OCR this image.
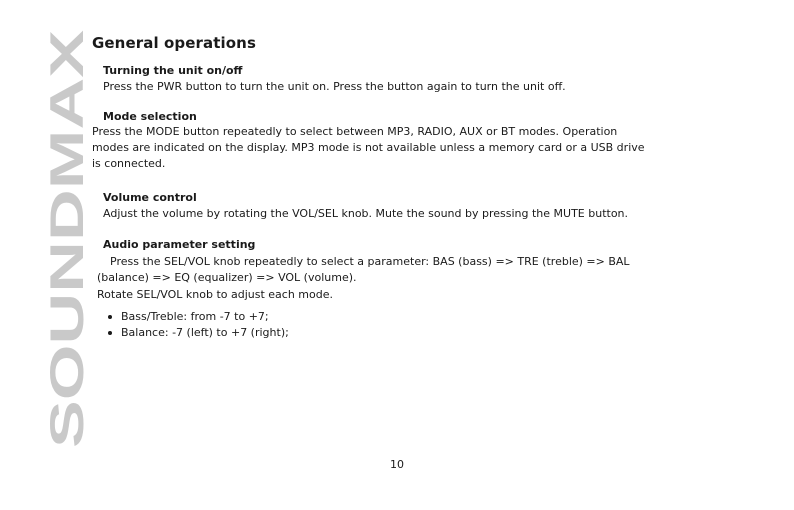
SOUNDMAX
General operations
Turning the unit on/off

Press the PWR button to turn the unit on. Press the button again to turn the unit off.

Mode selection

Press the MODE button repeatedly to select between MP3, RADIO, AUX or BT modes. Operation

modes are indicated on the display. MP3 mode is not available unless a memory card or a USB drive

is connected.

Volume control

Adjust the volume by rotating the VOL/SEL knob. Mute the sound by pressing the MUTE button.

Audio parameter setting

Press the SEL/VOL knob repeatedly to select a parameter: BAS (bass) => TRE (treble) => BAL

(balance) => EQ (equalizer) => VOL (volume).

Rotate SEL/VOL knob to adjust each mode.

Bass/Treble: from -7 to +7;
Balance: -7 (left) to +7 (right);
10
